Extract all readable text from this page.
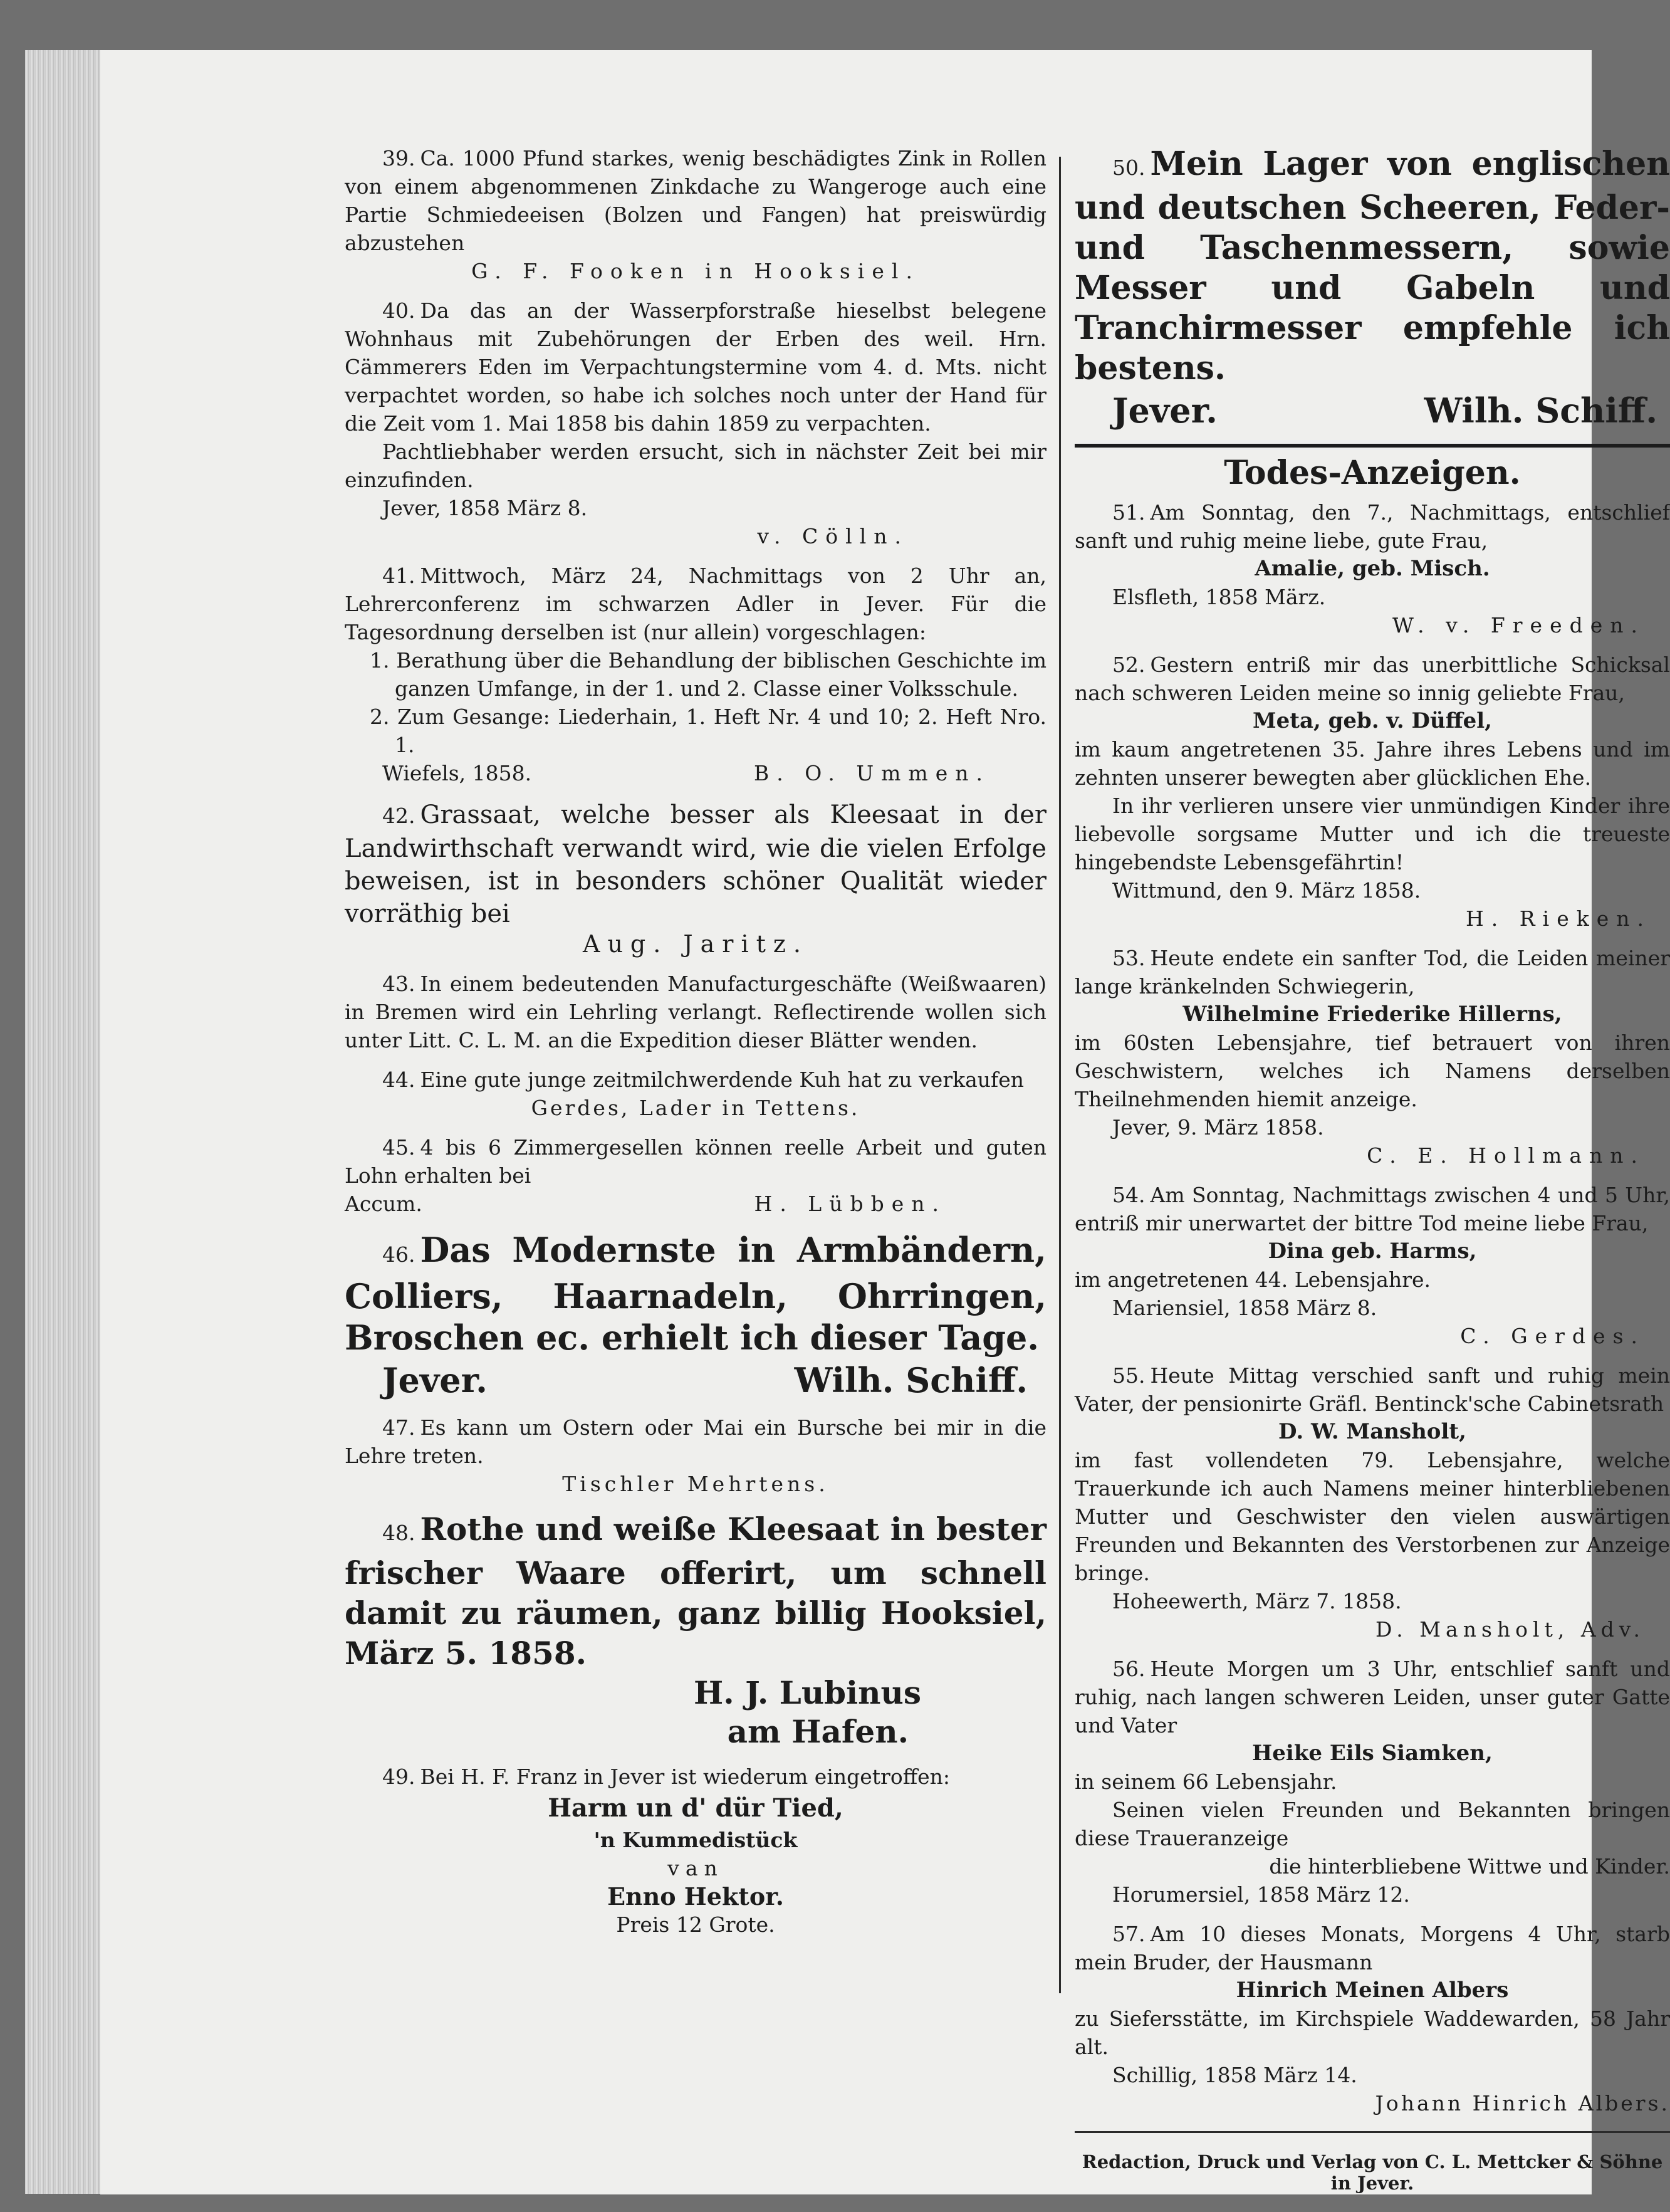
39. Ca. 1000 Pfund starkes, wenig beschädigtes Zink in Rollen von einem abgenommenen Zinkdache zu Wangeroge auch eine Partie Schmiedeeisen (Bolzen und Fangen) hat preiswürdig abzustehen

G. F. Fooken in Hooksiel.

40. Da das an der Wasserpforstraße hieselbst belegene Wohnhaus mit Zubehörungen der Erben des weil. Hrn. Cämmerers Eden im Verpachtungstermine vom 4. d. Mts. nicht verpachtet worden, so habe ich solches noch unter der Hand für die Zeit vom 1. Mai 1858 bis dahin 1859 zu verpachten.

Pachtliebhaber werden ersucht, sich in nächster Zeit bei mir einzufinden.

Jever, 1858 März 8.

v. Cölln.

41. Mittwoch, März 24, Nachmittags von 2 Uhr an, Lehrerconferenz im schwarzen Adler in Jever. Für die Tagesordnung derselben ist (nur allein) vorgeschlagen:

1. Berathung über die Behandlung der biblischen Geschichte im ganzen Umfange, in der 1. und 2. Classe einer Volksschule.

2. Zum Gesange: Liederhain, 1. Heft Nr. 4 und 10; 2. Heft Nro. 1.

Wiefels, 1858.	B. O. Ummen.

42. Grassaat, welche besser als Kleesaat in der Landwirthschaft verwandt wird, wie die vielen Erfolge beweisen, ist in besonders schöner Qualität wieder vorräthig bei

Aug. Jaritz.

43. In einem bedeutenden Manufacturgeschäfte (Weißwaaren) in Bremen wird ein Lehrling verlangt. Reflectirende wollen sich unter Litt. C. L. M. an die Expedition dieser Blätter wenden.

44. Eine gute junge zeitmilchwerdende Kuh hat zu verkaufen

Gerdes, Lader in Tettens.

45. 4 bis 6 Zimmergesellen können reelle Arbeit und guten Lohn erhalten bei

Accum.	H. Lübben.

46. Das Modernste in Armbändern, Colliers, Haarnadeln, Ohrringen, Broschen ec. erhielt ich dieser Tage.

Jever.	Wilh. Schiff.

47. Es kann um Ostern oder Mai ein Bursche bei mir in die Lehre treten.

Tischler Mehrtens.

48. Rothe und weiße Kleesaat in bester frischer Waare offerirt, um schnell damit zu räumen, ganz billig Hooksiel, März 5. 1858.

H. J. Lubinus

am Hafen.

49. Bei H. F. Franz in Jever ist wiederum eingetroffen:

Harm un d' dür Tied,

'n Kummedistück

van

Enno Hektor.

Preis 12 Grote.

50. Mein Lager von englischen und deutschen Scheeren, Feder- und Taschenmessern, sowie Messer und Gabeln und Tranchirmesser empfehle ich bestens.

Jever.	Wilh. Schiff.

Todes-Anzeigen.

51. Am Sonntag, den 7., Nachmittags, entschlief sanft und ruhig meine liebe, gute Frau,

Amalie, geb. Misch.

Elsfleth, 1858 März.

W. v. Freeden.

52. Gestern entriß mir das unerbittliche Schicksal nach schweren Leiden meine so innig geliebte Frau,

Meta, geb. v. Düffel,

im kaum angetretenen 35. Jahre ihres Lebens und im zehnten unserer bewegten aber glücklichen Ehe.

In ihr verlieren unsere vier unmündigen Kinder ihre liebevolle sorgsame Mutter und ich die treueste hingebendste Lebensgefährtin!

Wittmund, den 9. März 1858.

H. Rieken.

53. Heute endete ein sanfter Tod, die Leiden meiner lange kränkelnden Schwiegerin,

Wilhelmine Friederike Hillerns,

im 60sten Lebensjahre, tief betrauert von ihren Geschwistern, welches ich Namens derselben Theilnehmenden hiemit anzeige.

Jever, 9. März 1858.

C. E. Hollmann.

54. Am Sonntag, Nachmittags zwischen 4 und 5 Uhr, entriß mir unerwartet der bittre Tod meine liebe Frau,

Dina geb. Harms,

im angetretenen 44. Lebensjahre.

Mariensiel, 1858 März 8.

C. Gerdes.

55. Heute Mittag verschied sanft und ruhig mein Vater, der pensionirte Gräfl. Bentinck'sche Cabinetsrath

D. W. Mansholt,

im fast vollendeten 79. Lebensjahre, welche Trauerkunde ich auch Namens meiner hinterbliebenen Mutter und Geschwister den vielen auswärtigen Freunden und Bekannten des Verstorbenen zur Anzeige bringe.

Hoheewerth, März 7. 1858.

D. Mansholt, Adv.

56. Heute Morgen um 3 Uhr, entschlief sanft und ruhig, nach langen schweren Leiden, unser guter Gatte und Vater

Heike Eils Siamken,

in seinem 66 Lebensjahr.

Seinen vielen Freunden und Bekannten bringen diese Traueranzeige

die hinterbliebene Wittwe und Kinder.

Horumersiel, 1858 März 12.

57. Am 10 dieses Monats, Morgens 4 Uhr, starb mein Bruder, der Hausmann

Hinrich Meinen Albers

zu Siefersstätte, im Kirchspiele Waddewarden, 58 Jahr alt.

Schillig, 1858 März 14.

Johann Hinrich Albers.

Redaction, Druck und Verlag von C. L. Mettcker & Söhne in Jever.
